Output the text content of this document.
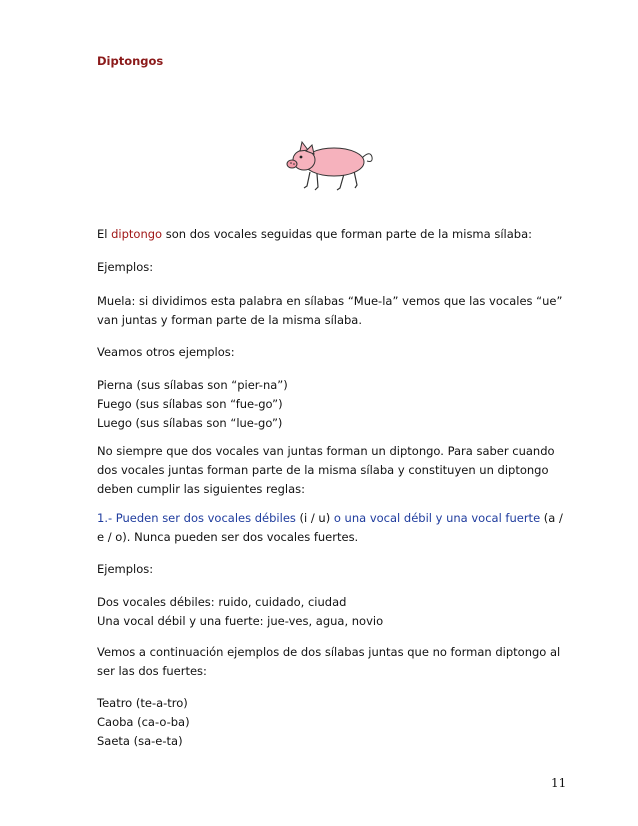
Diptongos
El diptongo son dos vocales seguidas que forman parte de la misma sílaba:
Ejemplos:
Muela: si dividimos esta palabra en sílabas “Mue-la” vemos que las vocales “ue”
van juntas y forman parte de la misma sílaba.
Veamos otros ejemplos:
Pierna (sus sílabas son “pier-na”)
Fuego (sus sílabas son “fue-go”)
Luego (sus sílabas son “lue-go”)
No siempre que dos vocales van juntas forman un diptongo. Para saber cuando
dos vocales juntas forman parte de la misma sílaba y constituyen un diptongo
deben cumplir las siguientes reglas:
1.- Pueden ser dos vocales débiles (i / u) o una vocal débil y una vocal fuerte (a /
e / o). Nunca pueden ser dos vocales fuertes.
Ejemplos:
Dos vocales débiles: ruido, cuidado, ciudad
Una vocal débil y una fuerte: jue-ves, agua, novio
Vemos a continuación ejemplos de dos sílabas juntas que no forman diptongo al
ser las dos fuertes:
Teatro (te-a-tro)
Caoba (ca-o-ba)
Saeta (sa-e-ta)
11
